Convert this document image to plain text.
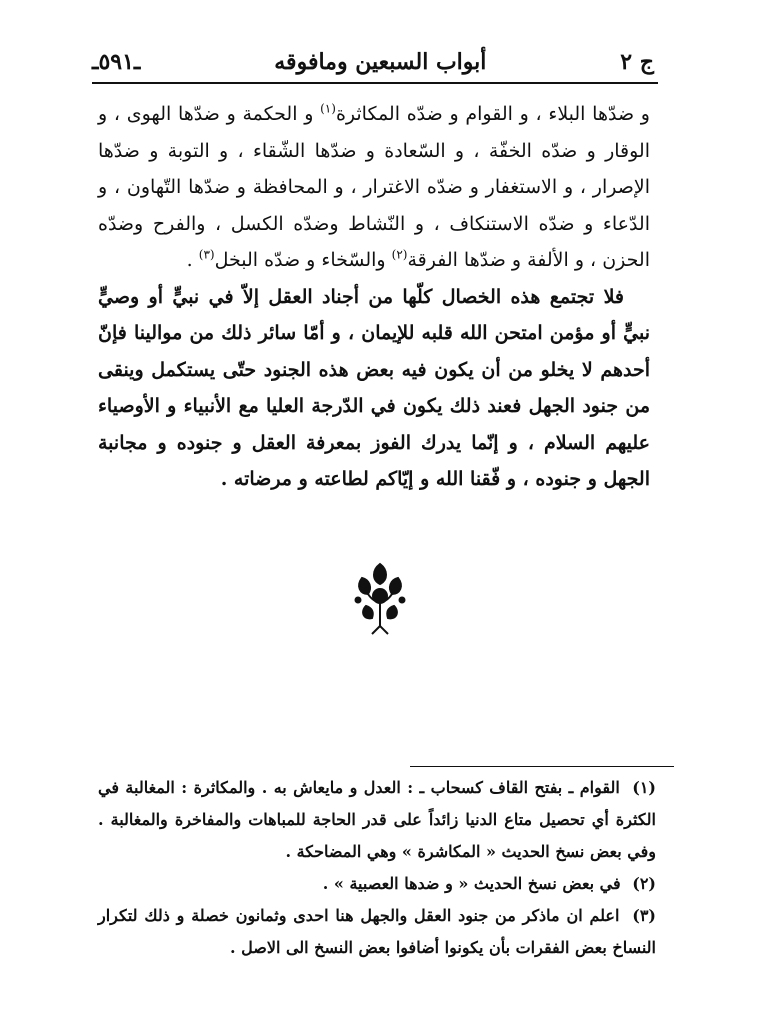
ج ٢
أبواب السبعين ومافوقه
ـ٥٩١ـ

و ضدّها البلاء ، و القوام و ضدّه المكاثرة$^{(١)}$ و الحكمة و ضدّها الهوى ، و الوقار و ضدّه الخفّة ، و السّعادة و ضدّها الشّقاء ، و التوبة و ضدّها الإصرار ، و الاستغفار و ضدّه الاغترار ، و المحافظة و ضدّها التّهاون ، و الدّعاء و ضدّه الاستنكاف ، و النّشاط وضدّه الكسل ، والفرح وضدّه الحزن ، و الألفة و ضدّها الفرقة$^{(٢)}$ والسّخاء و ضدّه البخل$^{(٣)}$ .

فلا تجتمع هذه الخصال كلّها من أجناد العقل إلاّ في نبيٍّ أو وصيٍّ نبيٍّ أو مؤمن امتحن الله قلبه للإيمان ، و أمّا سائر ذلك من موالينا فإنّ أحدهم لا يخلو من أن يكون فيه بعض هذه الجنود حتّى يستكمل وينقى من جنود الجهل فعند ذلك يكون في الدّرجة العليا مع الأنبياء و الأوصياء عليهم السلام ، و إنّما يدرك الفوز بمعرفة العقل و جنوده و مجانبة الجهل و جنوده ، و فّقنا الله و إيّاكم لطاعته و مرضاته .

(١) القوام ـ بفتح القاف كسحاب ـ : العدل و مايعاش به . والمكاثرة : المغالبة في الكثرة أي تحصيل متاع الدنيا زائداً على قدر الحاجة للمباهات والمفاخرة والمغالبة . وفي بعض نسخ الحديث « المكاشرة » وهي المضاحكة .

(٢) في بعض نسخ الحديث « و ضدها العصبية » .

(٣) اعلم ان ماذكر من جنود العقل والجهل هنا احدى وثمانون خصلة و ذلك لتكرار النساخ بعض الفقرات بأن يكونوا أضافوا بعض النسخ الى الاصل .
